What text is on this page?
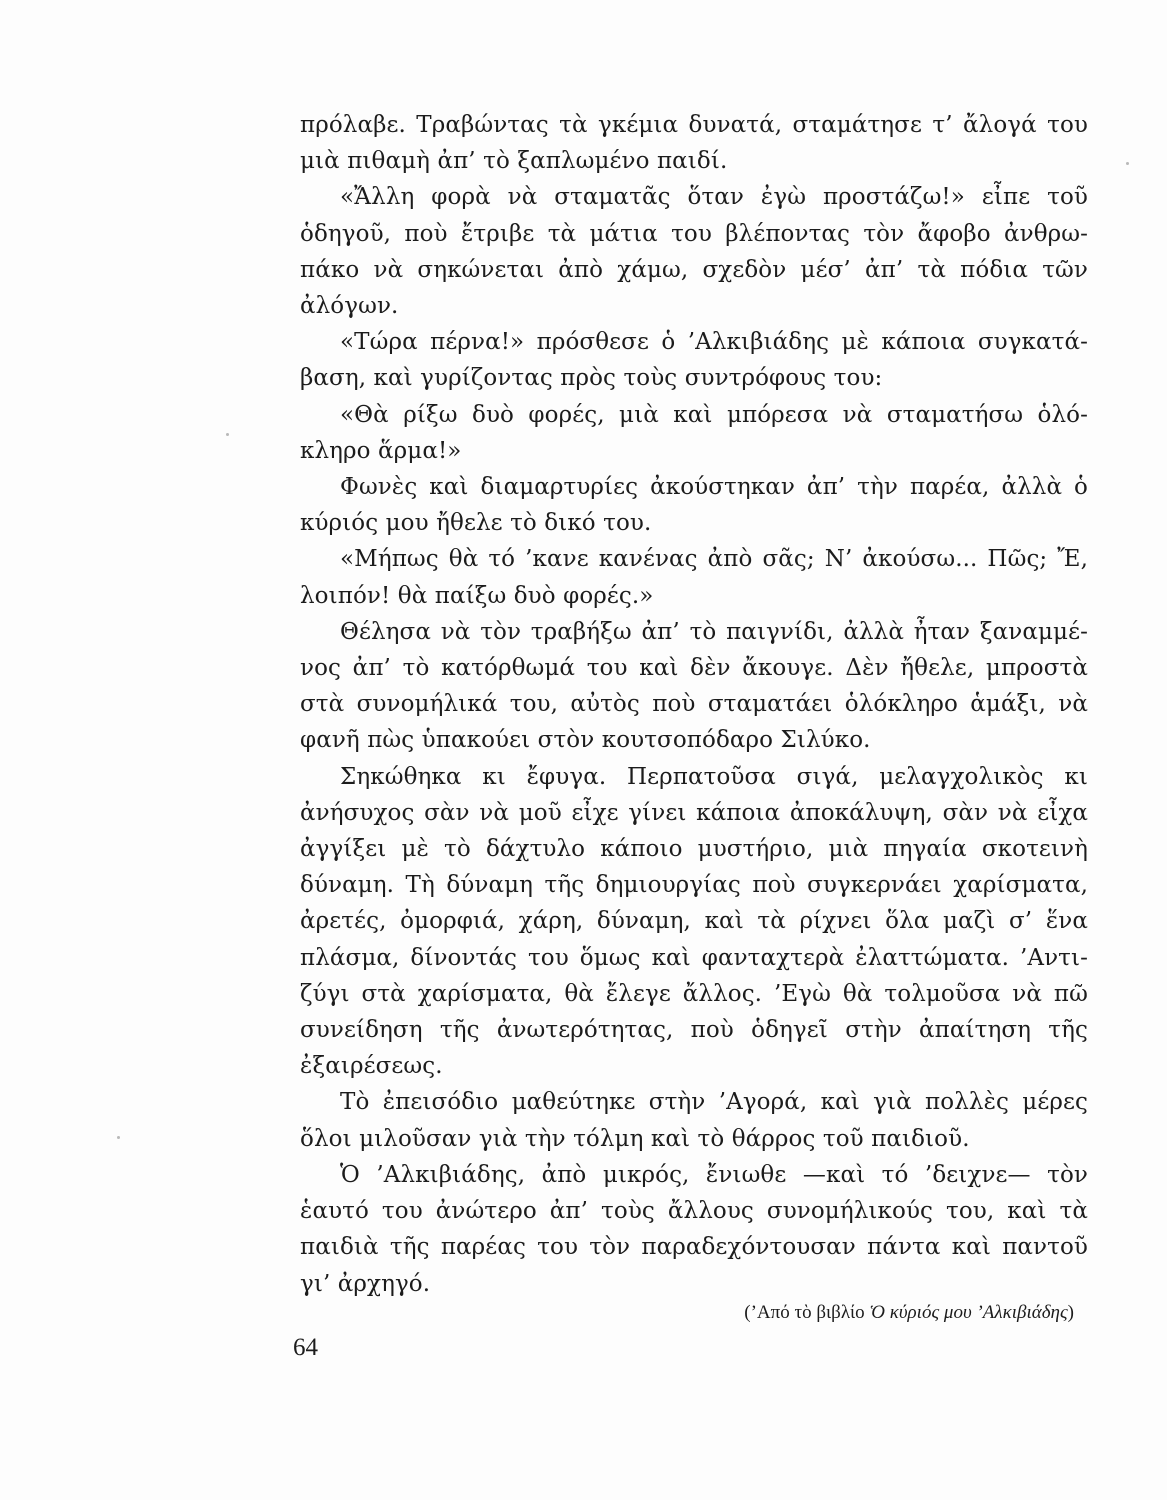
πρόλαβε. Τραβώντας τὰ γκέμια δυνατά, σταμάτησε τ’ ἄλογά του
μιὰ πιθαμὴ ἀπ’ τὸ ξαπλωμένο παιδί.
«Ἄλλη φορὰ νὰ σταματᾶς ὅταν ἐγὼ προστάζω!» εἶπε τοῦ
ὁδηγοῦ, ποὺ ἔτριβε τὰ μάτια του βλέποντας τὸν ἄφοβο ἀνθρω-
πάκο νὰ σηκώνεται ἀπὸ χάμω, σχεδὸν μέσ’ ἀπ’ τὰ πόδια τῶν
ἀλόγων.
«Τώρα πέρνα!» πρόσθεσε ὁ ’Αλκιβιάδης μὲ κάποια συγκατά-
βαση, καὶ γυρίζοντας πρὸς τοὺς συντρόφους του:
«Θὰ ρίξω δυὸ φορές, μιὰ καὶ μπόρεσα νὰ σταματήσω ὁλό-
κληρο ἅρμα!»
Φωνὲς καὶ διαμαρτυρίες ἀκούστηκαν ἀπ’ τὴν παρέα, ἀλλὰ ὁ
κύριός μου ἤθελε τὸ δικό του.
«Μήπως θὰ τό ’κανε κανένας ἀπὸ σᾶς; Ν’ ἀκούσω... Πῶς; Ἔ,
λοιπόν! θὰ παίξω δυὸ φορές.»
Θέλησα νὰ τὸν τραβήξω ἀπ’ τὸ παιγνίδι, ἀλλὰ ἦταν ξαναμμέ-
νος ἀπ’ τὸ κατόρθωμά του καὶ δὲν ἄκουγε. Δὲν ἤθελε, μπροστὰ
στὰ συνομήλικά του, αὐτὸς ποὺ σταματάει ὁλόκληρο ἁμάξι, νὰ
φανῆ πὼς ὑπακούει στὸν κουτσοπόδαρο Σιλύκο.
Σηκώθηκα κι ἔφυγα. Περπατοῦσα σιγά, μελαγχολικὸς κι
ἀνήσυχος σὰν νὰ μοῦ εἶχε γίνει κάποια ἀποκάλυψη, σὰν νὰ εἶχα
ἀγγίξει μὲ τὸ δάχτυλο κάποιο μυστήριο, μιὰ πηγαία σκοτεινὴ
δύναμη. Τὴ δύναμη τῆς δημιουργίας ποὺ συγκερνάει χαρίσματα,
ἀρετές, ὀμορφιά, χάρη, δύναμη, καὶ τὰ ρίχνει ὅλα μαζὶ σ’ ἕνα
πλάσμα, δίνοντάς του ὅμως καὶ φανταχτερὰ ἐλαττώματα. ’Αντι-
ζύγι στὰ χαρίσματα, θὰ ἔλεγε ἄλλος. ’Εγὼ θὰ τολμοῦσα νὰ πῶ
συνείδηση τῆς ἀνωτερότητας, ποὺ ὁδηγεῖ στὴν ἀπαίτηση τῆς
ἐξαιρέσεως.
Τὸ ἐπεισόδιο μαθεύτηκε στὴν ’Αγορά, καὶ γιὰ πολλὲς μέρες
ὅλοι μιλοῦσαν γιὰ τὴν τόλμη καὶ τὸ θάρρος τοῦ παιδιοῦ.
Ὁ ’Αλκιβιάδης, ἀπὸ μικρός, ἔνιωθε —καὶ τό ’δειχνε— τὸν
ἑαυτό του ἀνώτερο ἀπ’ τοὺς ἄλλους συνομήλικούς του, καὶ τὰ
παιδιὰ τῆς παρέας του τὸν παραδεχόντουσαν πάντα καὶ παντοῦ
γι’ ἀρχηγό.
(’Από τὸ βιβλίο Ὁ κύριός μου ’Αλκιβιάδης)
64
